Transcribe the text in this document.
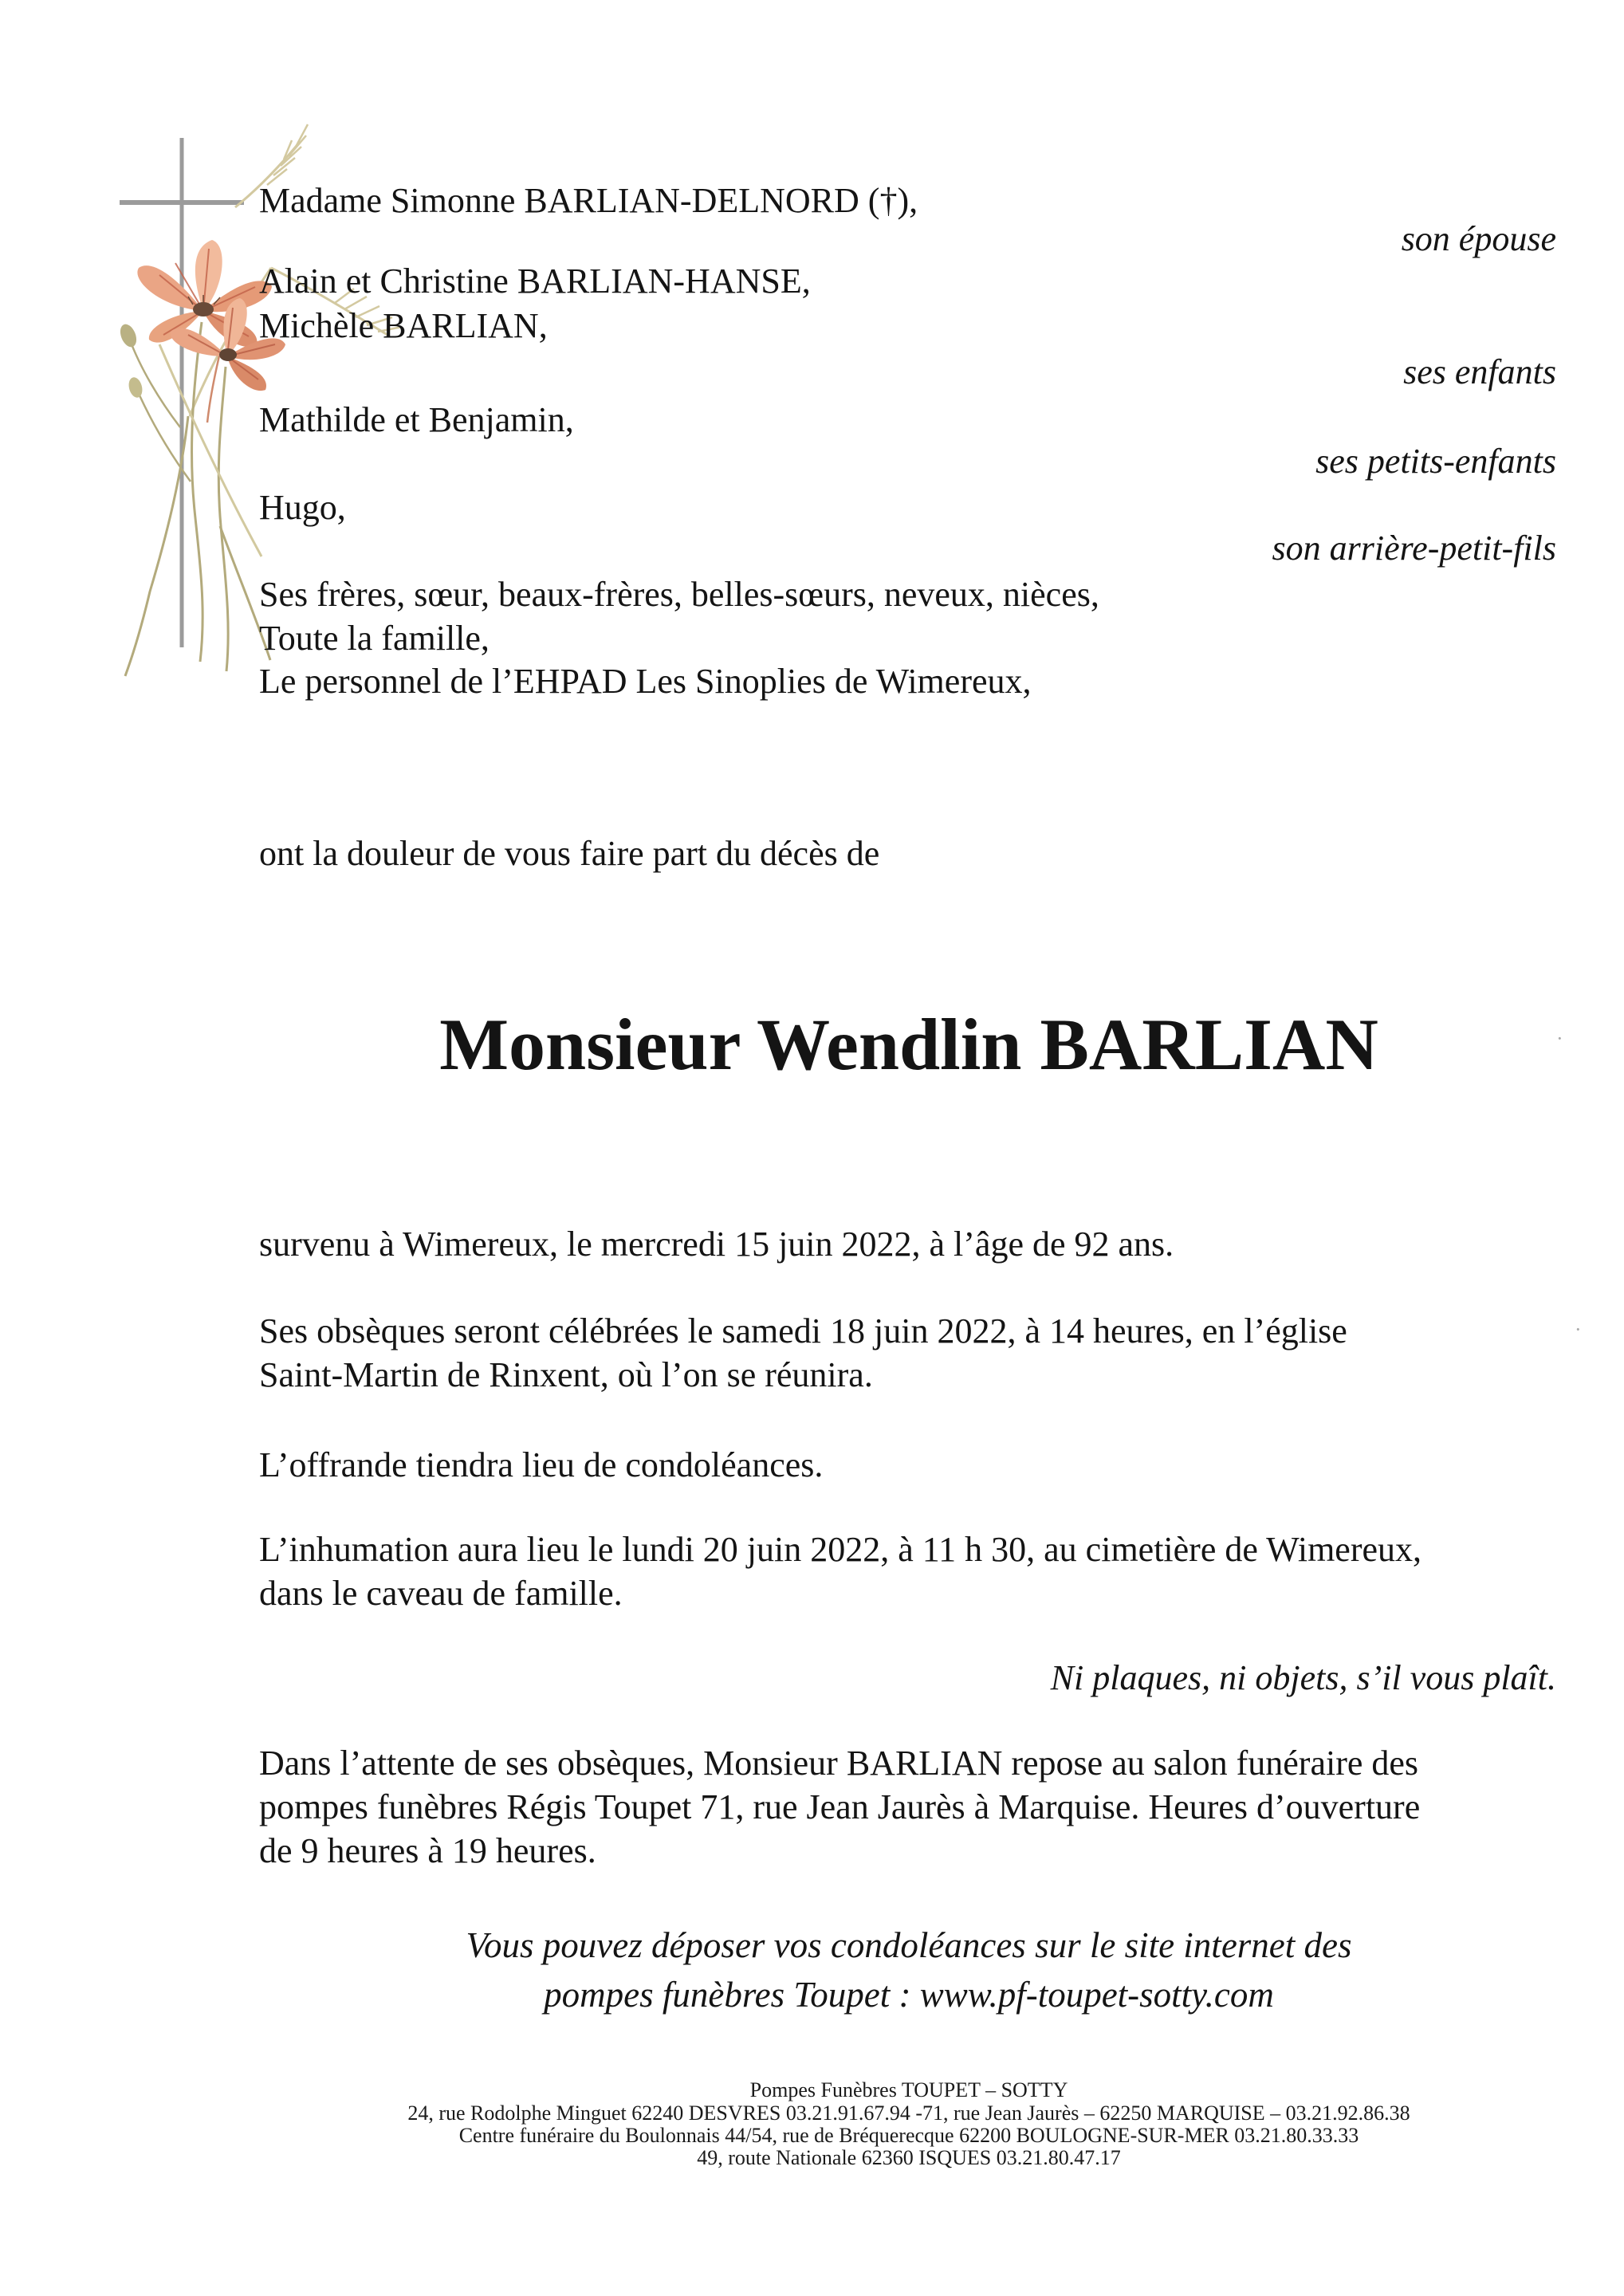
Madame Simonne BARLIAN-DELNORD (†),
son épouse
Alain et Christine BARLIAN-HANSE,
Michèle BARLIAN,
ses enfants
Mathilde et Benjamin,
ses petits-enfants
Hugo,
son arrière-petit-fils
Ses frères, sœur, beaux-frères, belles-sœurs, neveux, nièces,
Toute la famille,
Le personnel de l’EHPAD Les Sinoplies de Wimereux,
ont la douleur de vous faire part du décès de
Monsieur Wendlin BARLIAN
survenu à Wimereux, le mercredi 15 juin 2022, à l’âge de 92 ans.
Ses obsèques seront célébrées le samedi 18 juin 2022, à 14 heures, en l’église
Saint-Martin de Rinxent, où l’on se réunira.
L’offrande tiendra lieu de condoléances.
L’inhumation aura lieu le lundi 20 juin 2022, à 11 h 30, au cimetière de Wimereux,
dans le caveau de famille.
Ni plaques, ni objets, s’il vous plaît.
Dans l’attente de ses obsèques, Monsieur BARLIAN repose au salon funéraire des
pompes funèbres Régis Toupet 71, rue Jean Jaurès à Marquise. Heures d’ouverture
de 9 heures à 19 heures.
Vous pouvez déposer vos condoléances sur le site internet des
pompes funèbres Toupet : www.pf-toupet-sotty.com
Pompes Funèbres TOUPET – SOTTY
24, rue Rodolphe Minguet 62240 DESVRES 03.21.91.67.94 -71, rue Jean Jaurès – 62250 MARQUISE – 03.21.92.86.38
Centre funéraire du Boulonnais 44/54, rue de Bréquerecque 62200 BOULOGNE-SUR-MER 03.21.80.33.33
49, route Nationale 62360 ISQUES 03.21.80.47.17
·
·
